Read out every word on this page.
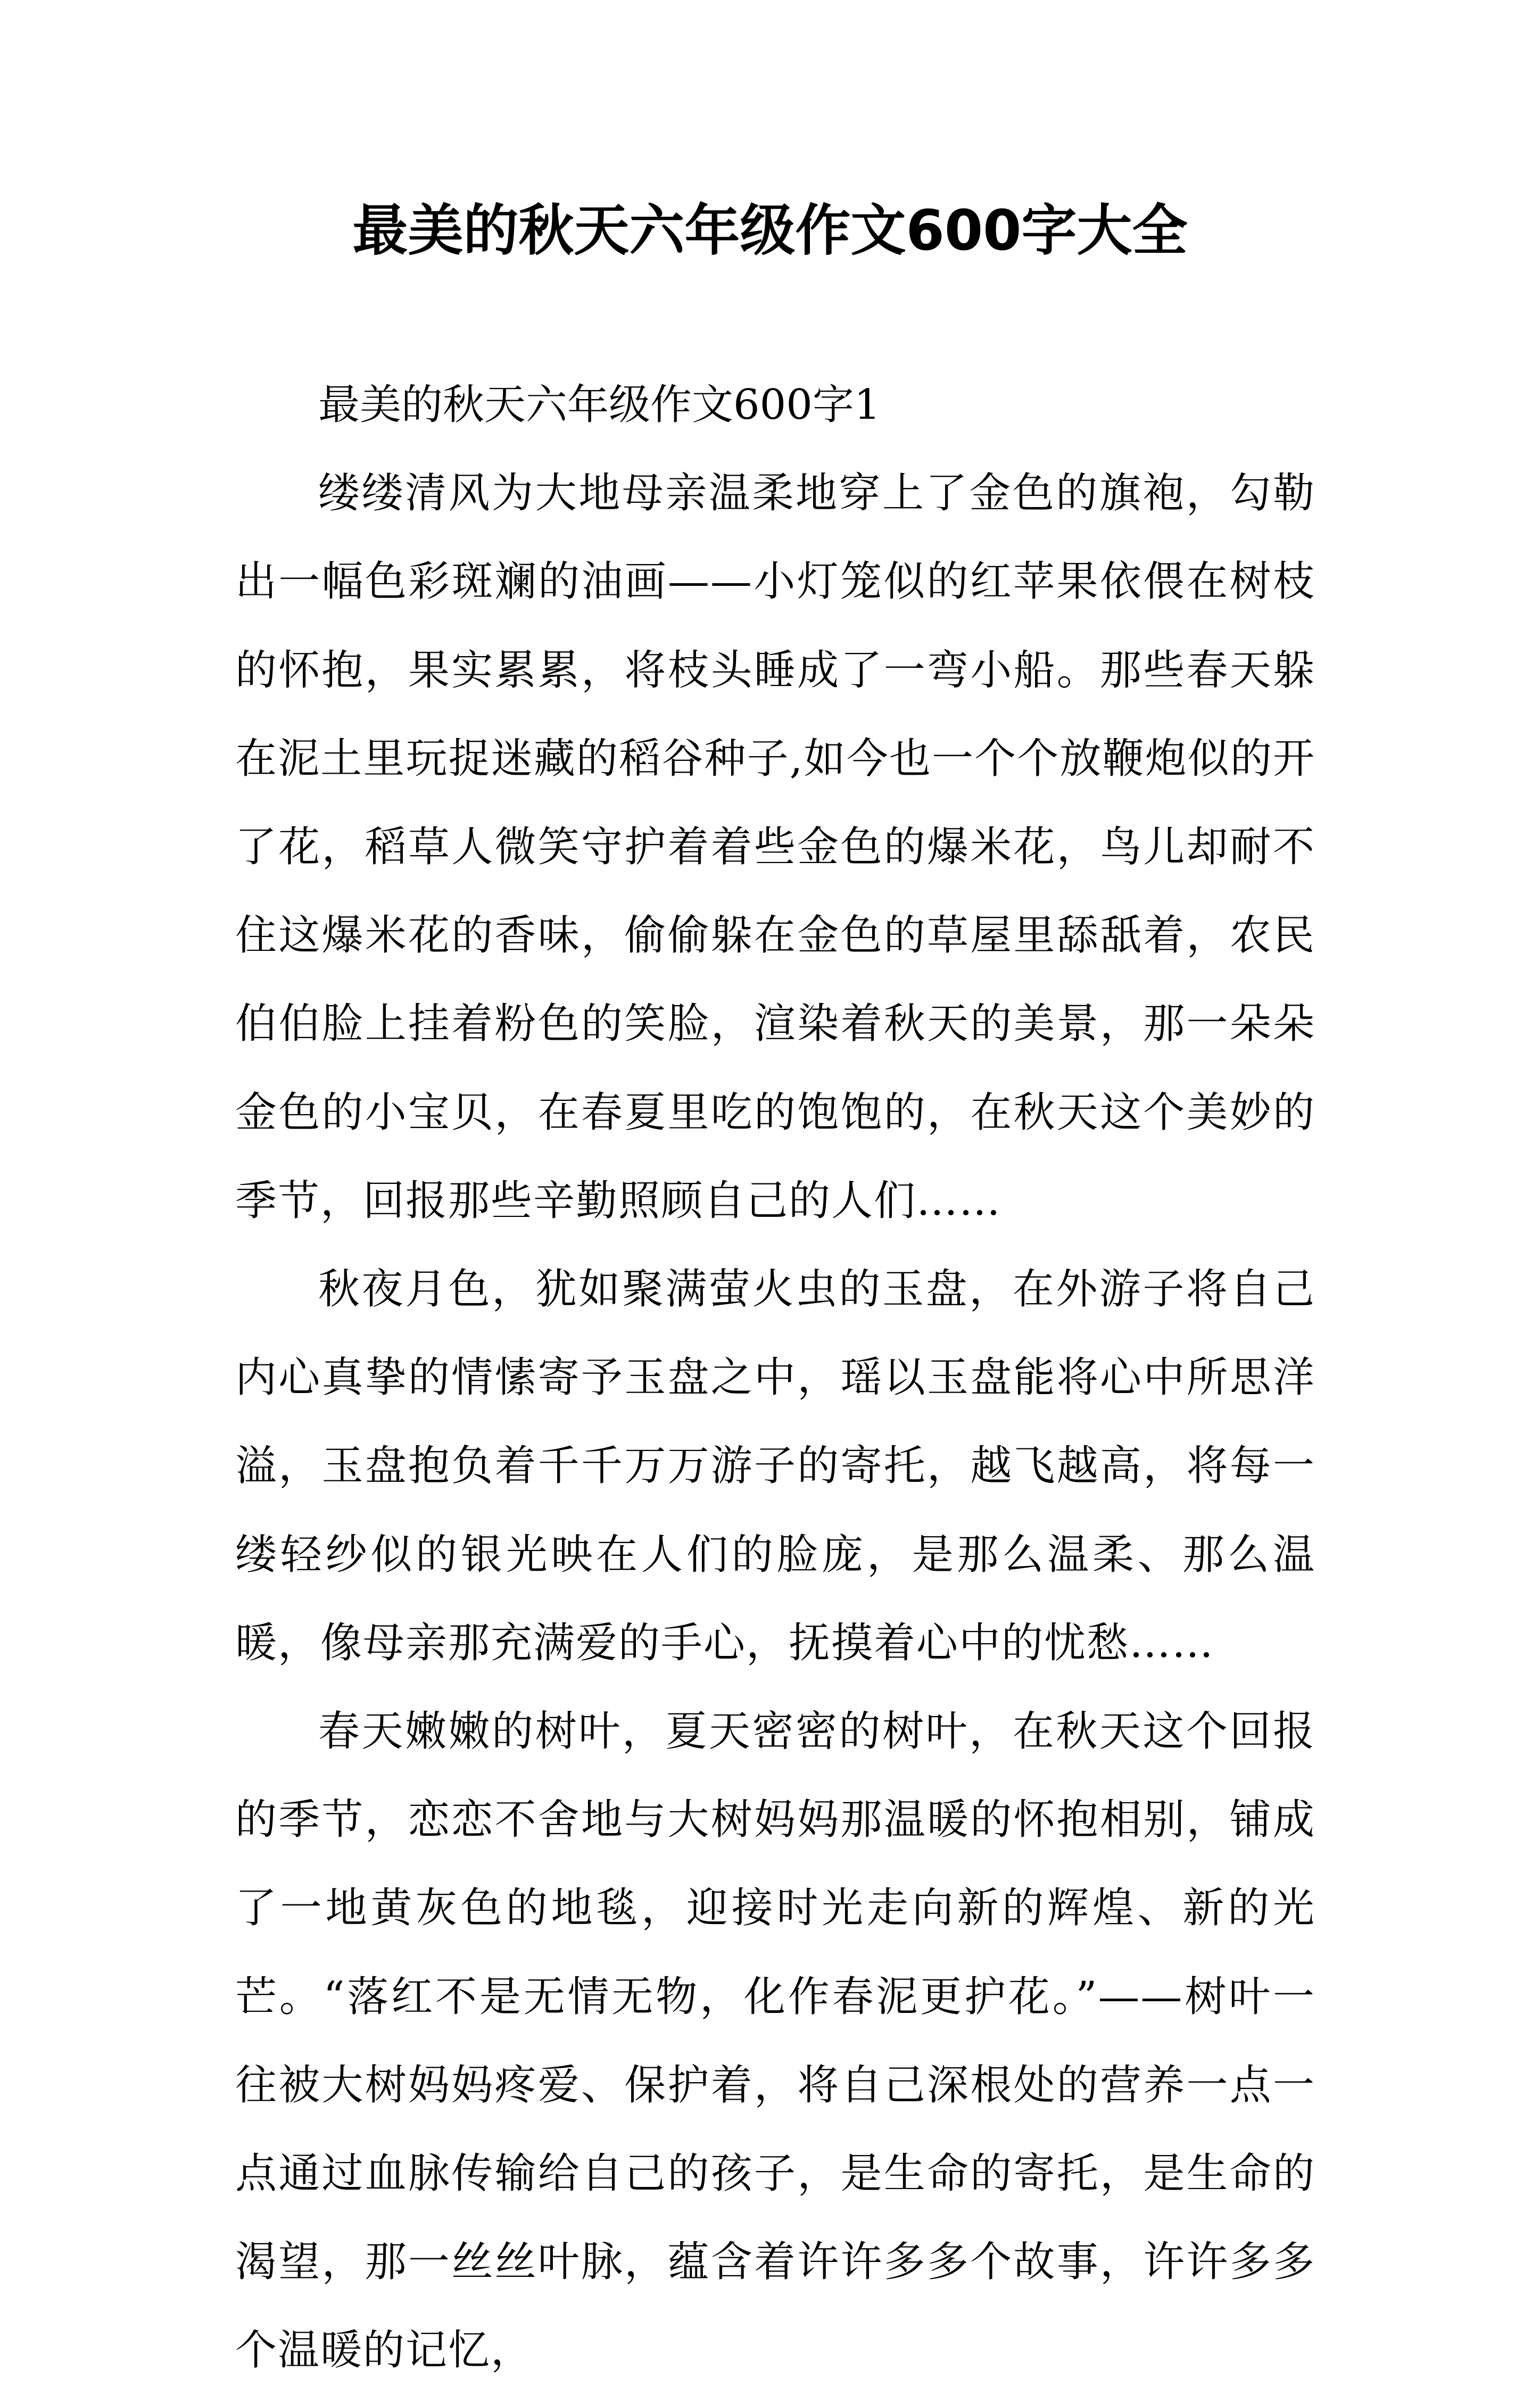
最美的秋天六年级作文600字大全

最美的秋天六年级作文600字1

缕缕清风为大地母亲温柔地穿上了金色的旗袍，勾勒出一幅色彩斑斓的油画——小灯笼似的红苹果依偎在树枝的怀抱，果实累累，将枝头睡成了一弯小船。那些春天躲在泥土里玩捉迷藏的稻谷种子,如今也一个个放鞭炮似的开了花，稻草人微笑守护着着些金色的爆米花，鸟儿却耐不住这爆米花的香味，偷偷躲在金色的草屋里舔舐着，农民伯伯脸上挂着粉色的笑脸，渲染着秋天的美景，那一朵朵金色的小宝贝，在春夏里吃的饱饱的，在秋天这个美妙的季节，回报那些辛勤照顾自己的人们……

秋夜月色，犹如聚满萤火虫的玉盘，在外游子将自己内心真挚的情愫寄予玉盘之中，瑶以玉盘能将心中所思洋溢，玉盘抱负着千千万万游子的寄托，越飞越高，将每一缕轻纱似的银光映在人们的脸庞，是那么温柔、那么温暖，像母亲那充满爱的手心，抚摸着心中的忧愁……

春天嫩嫩的树叶，夏天密密的树叶，在秋天这个回报的季节，恋恋不舍地与大树妈妈那温暖的怀抱相别，铺成了一地黄灰色的地毯，迎接时光走向新的辉煌、新的光芒。“落红不是无情无物，化作春泥更护花。”——树叶一往被大树妈妈疼爱、保护着，将自己深根处的营养一点一点通过血脉传输给自己的孩子，是生命的寄托，是生命的渴望，那一丝丝叶脉，蕴含着许许多多个故事，许许多多个温暖的记忆，
